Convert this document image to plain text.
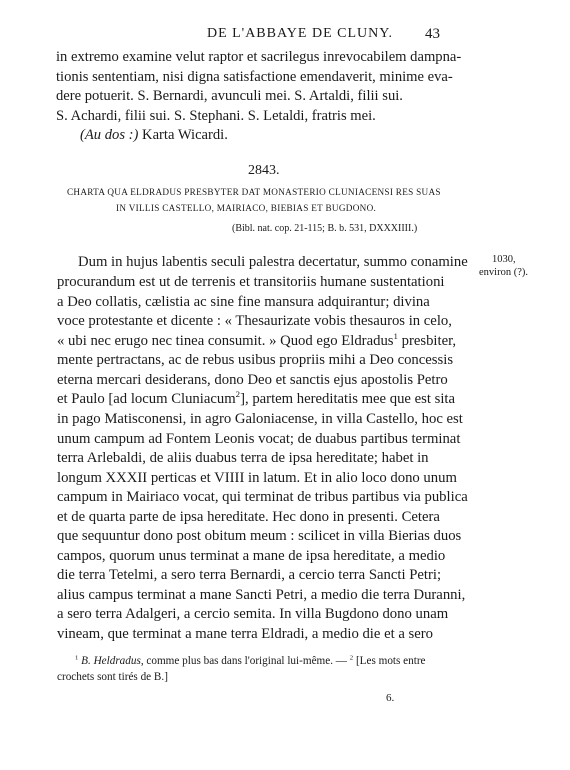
DE L'ABBAYE DE CLUNY.	43
in extremo examine velut raptor et sacrilegus inrevocabilem dampna-
tionis sententiam, nisi digna satisfactione emendaverit, minime eva-
dere potuerit. S. Bernardi, avunculi mei. S. Artaldi, filii sui.
S. Achardi, filii sui. S. Stephani. S. Letaldi, fratris mei.
(Au dos :) Karta Wicardi.
2843.
CHARTA QUA ELDRADUS PRESBYTER DAT MONASTERIO CLUNIACENSI RES SUAS
IN VILLIS CASTELLO, MAIRIACO, BIEBIAS ET BUGDONO.
(Bibl. nat. cop. 21-115; B. b. 531, DXXXIIII.)
1030,
environ (?).
Dum in hujus labentis seculi palestra decertatur, summo conamine
procurandum est ut de terrenis et transitoriis humane sustentationi
a Deo collatis, cælistia ac sine fine mansura adquirantur; divina
voce protestante et dicente : « Thesaurizate vobis thesauros in celo,
« ubi nec erugo nec tinea consumit. » Quod ego Eldradus$^1$ presbiter,
mente pertractans, ac de rebus usibus propriis mihi a Deo concessis
eterna mercari desiderans, dono Deo et sanctis ejus apostolis Petro
et Paulo [ad locum Cluniacum$^2$], partem hereditatis mee que est sita
in pago Matisconensi, in agro Galoniacense, in villa Castello, hoc est
unum campum ad Fontem Leonis vocat; de duabus partibus terminat
terra Arlebaldi, de aliis duabus terra de ipsa hereditate; habet in
longum XXXII perticas et VIIII in latum. Et in alio loco dono unum
campum in Mairiaco vocat, qui terminat de tribus partibus via publica
et de quarta parte de ipsa hereditate. Hec dono in presenti. Cetera
que sequuntur dono post obitum meum : scilicet in villa Bierias duos
campos, quorum unus terminat a mane de ipsa hereditate, a medio
die terra Tetelmi, a sero terra Bernardi, a cercio terra Sancti Petri;
alius campus terminat a mane Sancti Petri, a medio die terra Duranni,
a sero terra Adalgeri, a cercio semita. In villa Bugdono dono unam
vineam, que terminat a mane terra Eldradi, a medio die et a sero
$^1$ B. Heldradus, comme plus bas dans l'original lui-même. — $^2$ [Les mots entre
crochets sont tirés de B.]
6.
